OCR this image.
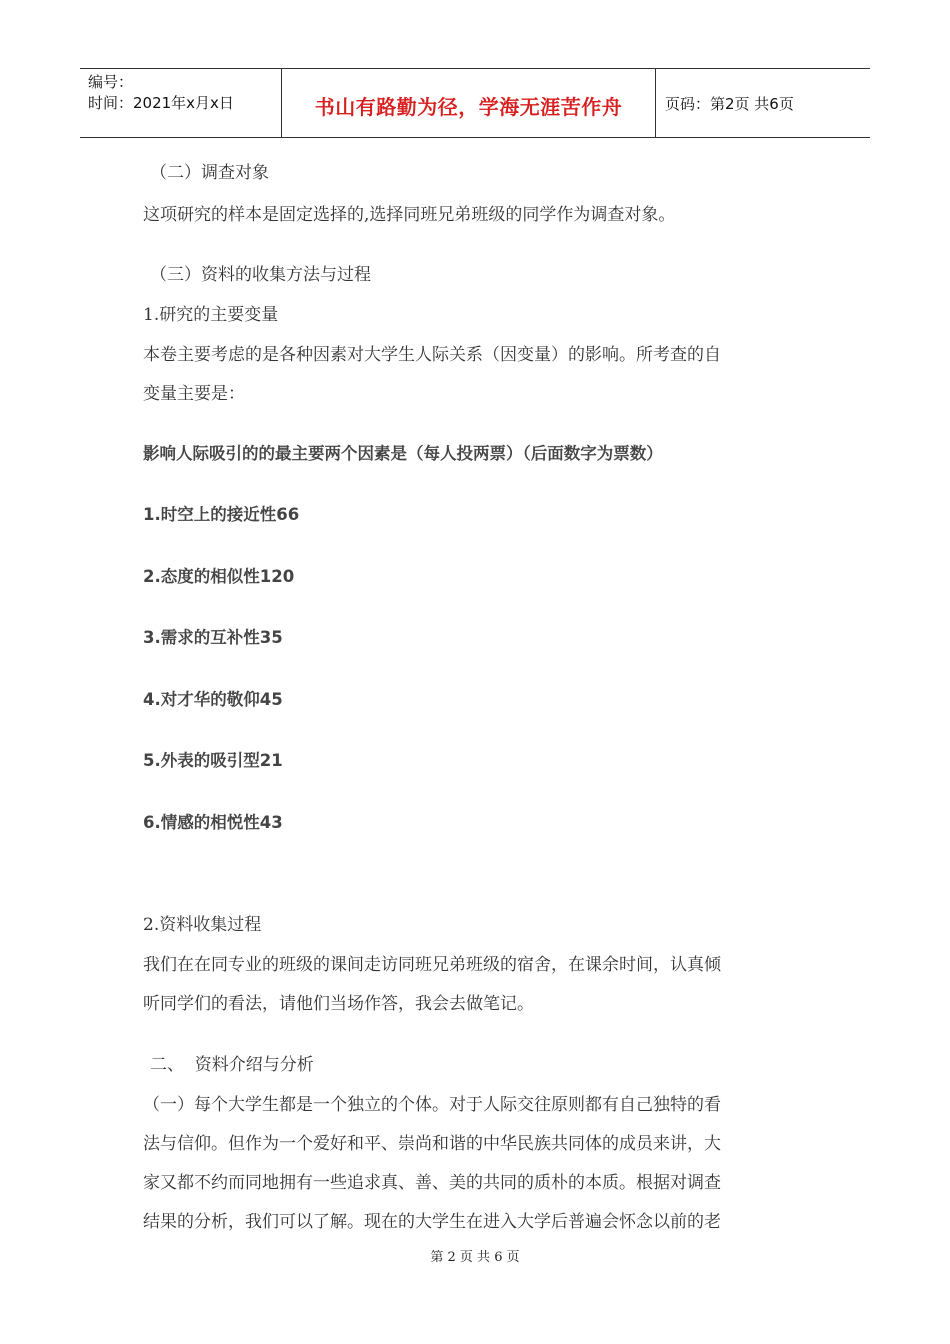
编号：
时间：2021年x月x日	书山有路勤为径，学海无涯苦作舟	页码：第2页 共6页
（二）调查对象
这项研究的样本是固定选择的,选择同班兄弟班级的同学作为调查对象。
（三）资料的收集方法与过程
1.研究的主要变量
本卷主要考虑的是各种因素对大学生人际关系（因变量）的影响。所考查的自
变量主要是：
影响人际吸引的的最主要两个因素是（每人投两票）（后面数字为票数）
1.时空上的接近性66
2.态度的相似性120
3.需求的互补性35
4.对才华的敬仰45
5.外表的吸引型21
6.情感的相悦性43
2.资料收集过程
我们在在同专业的班级的课间走访同班兄弟班级的宿舍，在课余时间，认真倾
听同学们的看法，请他们当场作答，我会去做笔记。
二、  资料介绍与分析
（一）每个大学生都是一个独立的个体。对于人际交往原则都有自己独特的看
法与信仰。但作为一个爱好和平、崇尚和谐的中华民族共同体的成员来讲，大
家又都不约而同地拥有一些追求真、善、美的共同的质朴的本质。根据对调查
结果的分析，我们可以了解。现在的大学生在进入大学后普遍会怀念以前的老
第 2 页 共 6 页
